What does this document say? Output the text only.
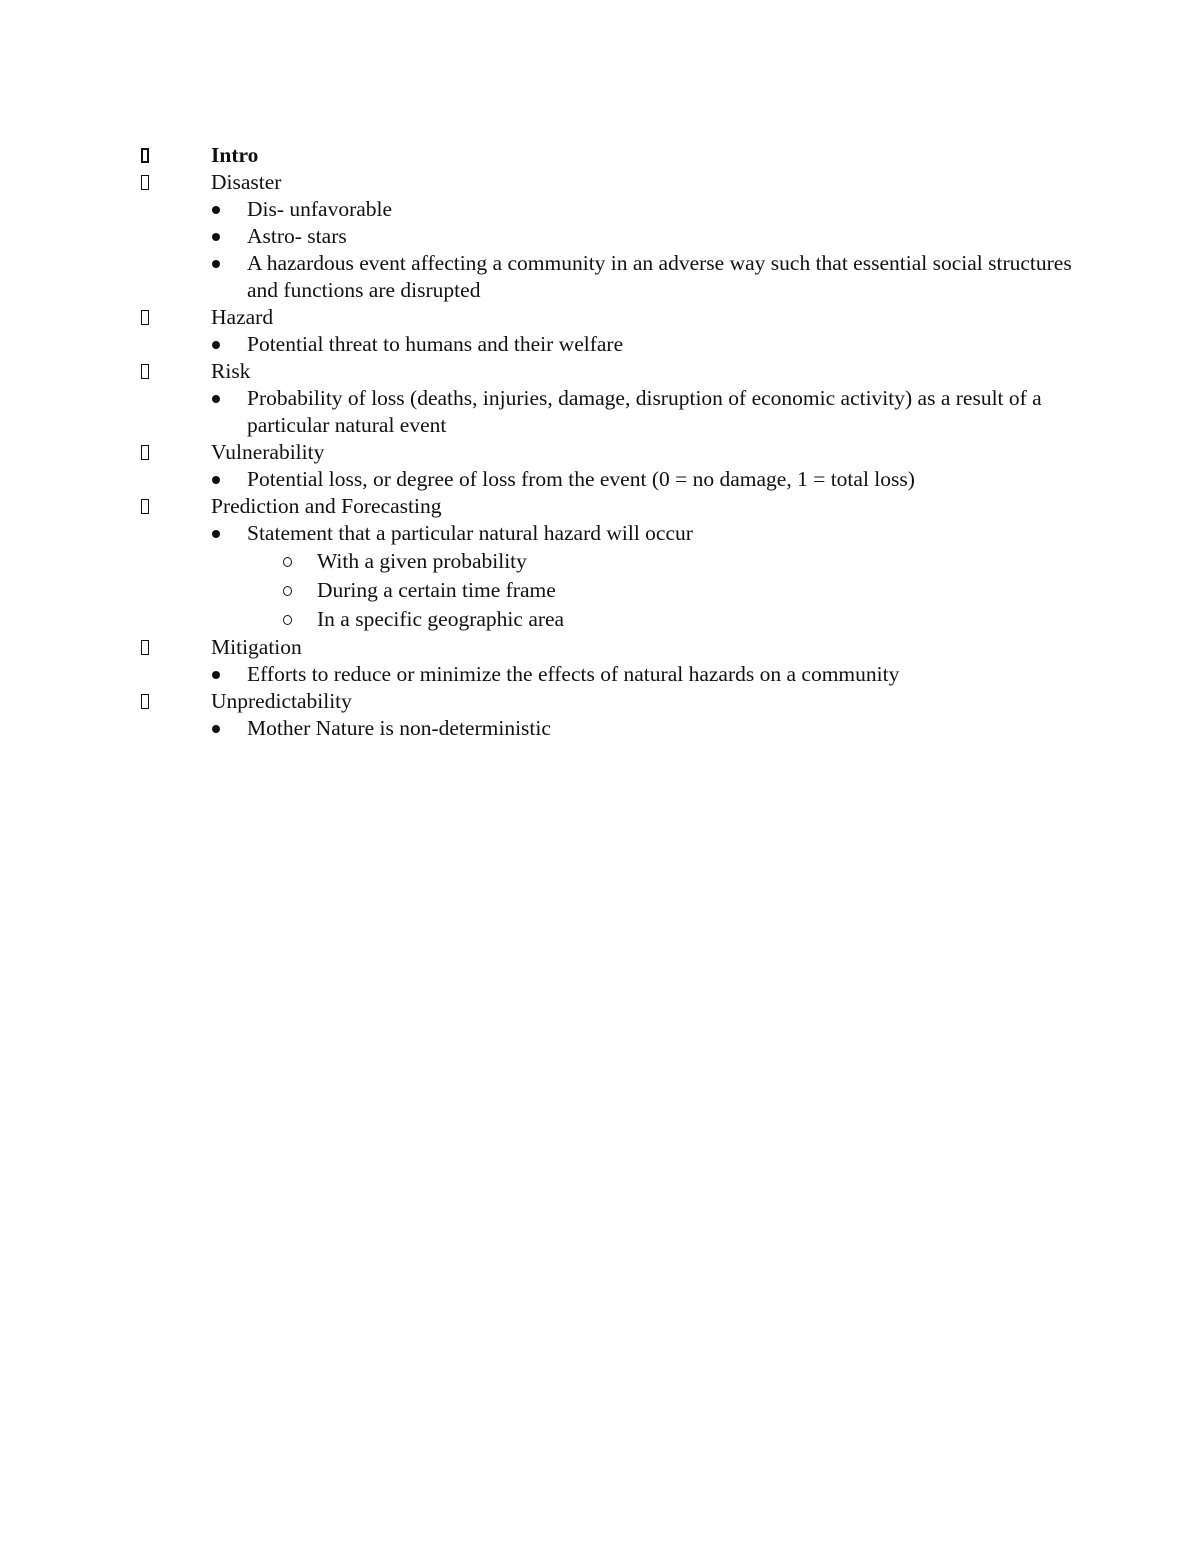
Intro
Disaster
Dis- unfavorable
Astro- stars
A hazardous event affecting a community in an adverse way such that essential social structures and functions are disrupted
Hazard
Potential threat to humans and their welfare
Risk
Probability of loss (deaths, injuries, damage, disruption of economic activity) as a result of a particular natural event
Vulnerability
Potential loss, or degree of loss from the event (0 = no damage, 1 = total loss)
Prediction and Forecasting
Statement that a particular natural hazard will occur
With a given probability
During a certain time frame
In a specific geographic area
Mitigation
Efforts to reduce or minimize the effects of natural hazards on a community
Unpredictability
Mother Nature is non-deterministic
